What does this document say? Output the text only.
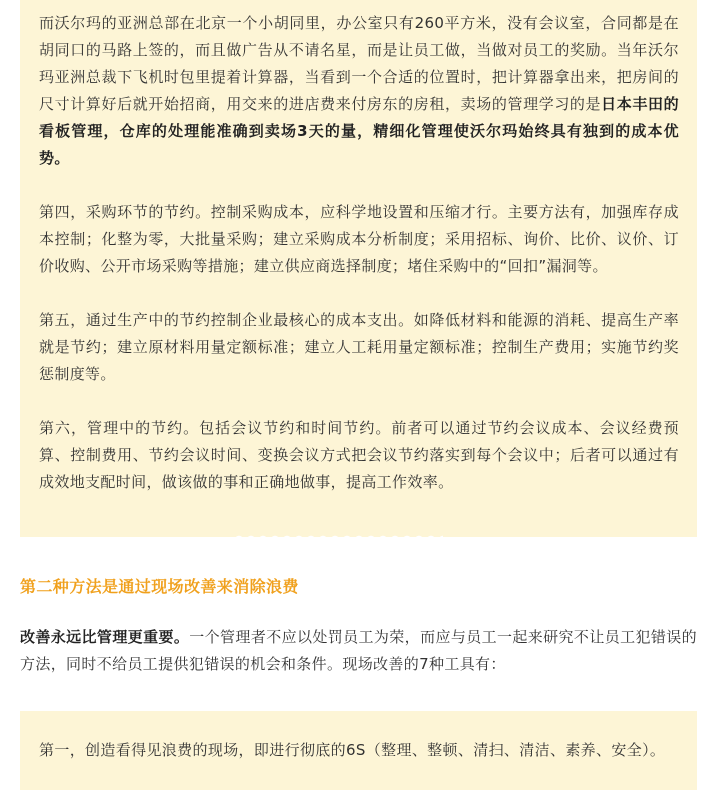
而沃尔玛的亚洲总部在北京一个小胡同里，办公室只有260平方米，没有会议室，合同都是在胡同口的马路上签的，而且做广告从不请名星，而是让员工做，当做对员工的奖励。当年沃尔玛亚洲总裁下飞机时包里提着计算器，当看到一个合适的位置时，把计算器拿出来，把房间的尺寸计算好后就开始招商，用交来的进店费来付房东的房租，卖场的管理学习的是日本丰田的看板管理，仓库的处理能准确到卖场3天的量，精细化管理使沃尔玛始终具有独到的成本优势。

第四，采购环节的节约。控制采购成本，应科学地设置和压缩才行。主要方法有，加强库存成本控制；化整为零，大批量采购；建立采购成本分析制度；采用招标、询价、比价、议价、订价收购、公开市场采购等措施；建立供应商选择制度；堵住采购中的“回扣”漏洞等。

第五，通过生产中的节约控制企业最核心的成本支出。如降低材料和能源的消耗、提高生产率就是节约；建立原材料用量定额标准；建立人工耗用量定额标准；控制生产费用；实施节约奖惩制度等。

第六，管理中的节约。包括会议节约和时间节约。前者可以通过节约会议成本、会议经费预算、控制费用、节约会议时间、变换会议方式把会议节约落实到每个会议中；后者可以通过有成效地支配时间，做该做的事和正确地做事，提高工作效率。

第二种方法是通过现场改善来消除浪费

改善永远比管理更重要。一个管理者不应以处罚员工为荣，而应与员工一起来研究不让员工犯错误的方法，同时不给员工提供犯错误的机会和条件。现场改善的7种工具有：

第一，创造看得见浪费的现场，即进行彻底的6S（整理、整顿、清扫、清洁、素养、安全）。
